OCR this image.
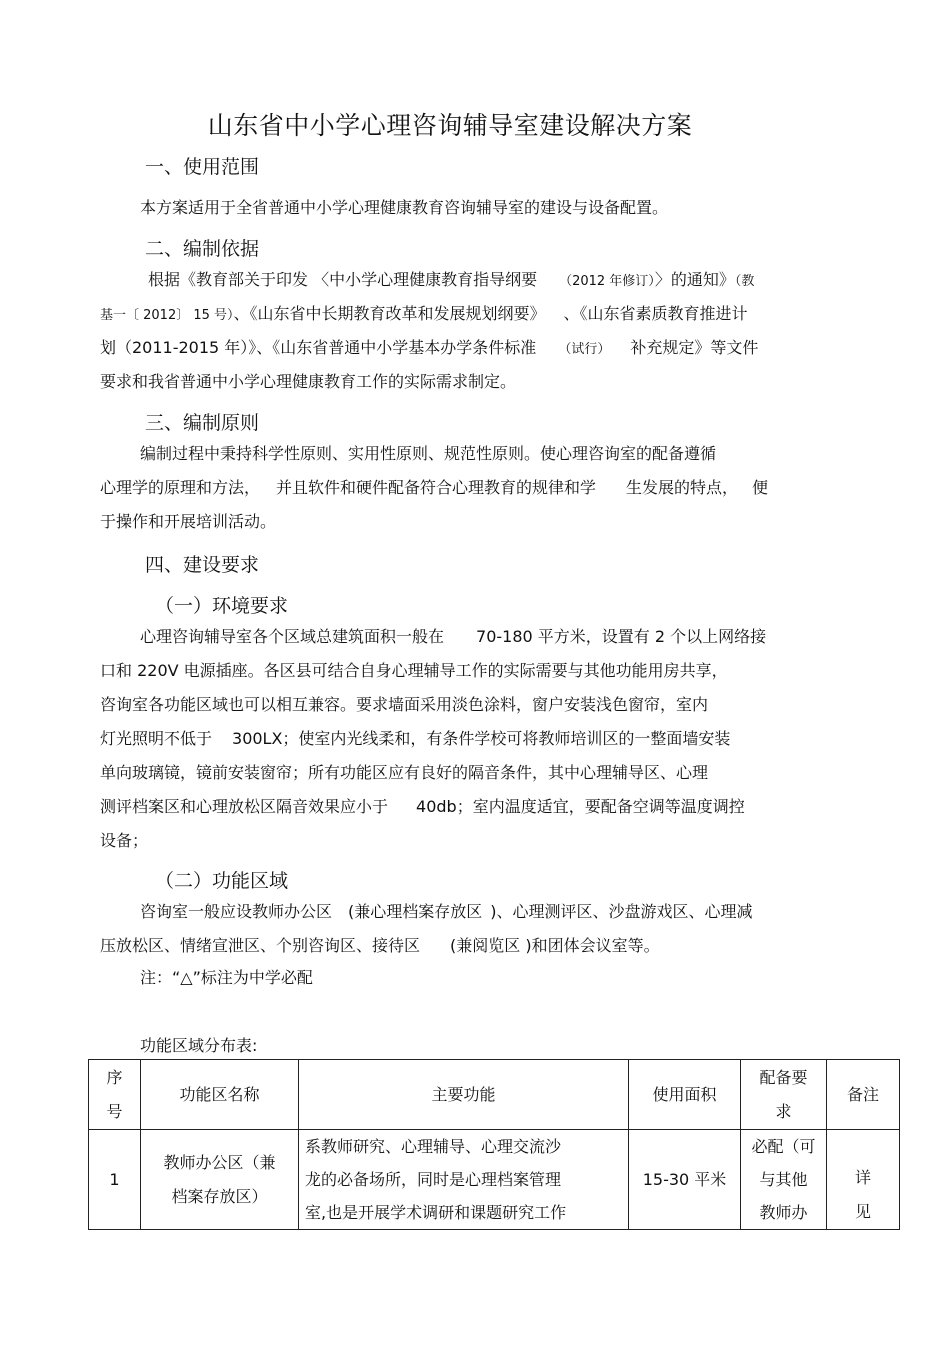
山东省中小学心理咨询辅导室建设解决方案
一、使用范围
本方案适用于全省普通中小学心理健康教育咨询辅导室的建设与设备配置。
二、编制依据
根据《教育部关于印发 〈中小学心理健康教育指导纲要 （2012 年修订）〉的通知》（教
基一〔 2012〕 15 号）、《山东省中长期教育改革和发展规划纲要》 、《山东省素质教育推进计
划（2011-2015 年）》、《山东省普通中小学基本办学条件标准 （试行） 补充规定》等文件
要求和我省普通中小学心理健康教育工作的实际需求制定。
三、编制原则
编制过程中秉持科学性原则、实用性原则、规范性原则。使心理咨询室的配备遵循
心理学的原理和方法， 并且软件和硬件配备符合心理教育的规律和学 生发展的特点， 便
于操作和开展培训活动。
四、建设要求
（一）环境要求
心理咨询辅导室各个区域总建筑面积一般在 70-180 平方米，设置有 2 个以上网络接
口和 220V 电源插座。各区县可结合自身心理辅导工作的实际需要与其他功能用房共享，
咨询室各功能区域也可以相互兼容。要求墙面采用淡色涂料，窗户安装浅色窗帘，室内
灯光照明不低于 300LX；使室内光线柔和，有条件学校可将教师培训区的一整面墙安装
单向玻璃镜，镜前安装窗帘；所有功能区应有良好的隔音条件，其中心理辅导区、心理
测评档案区和心理放松区隔音效果应小于 40db；室内温度适宜，要配备空调等温度调控
设备；
（二）功能区域
咨询室一般应设教师办公区 (兼心理档案存放区 )、心理测评区、沙盘游戏区、心理减
压放松区、情绪宣泄区、个别咨询区、接待区 (兼阅览区 )和团体会议室等。
注：“△”标注为中学必配
功能区域分布表:
序
号	功能区名称	主要功能	使用面积	配备要
求	备注
1	教师办公区（兼
档案存放区）	系教师研究、心理辅导、心理交流沙
龙的必备场所，同时是心理档案管理
室,也是开展学术调研和课题研究工作	15-30 平米	必配（可
与其他
教师办	详
见
